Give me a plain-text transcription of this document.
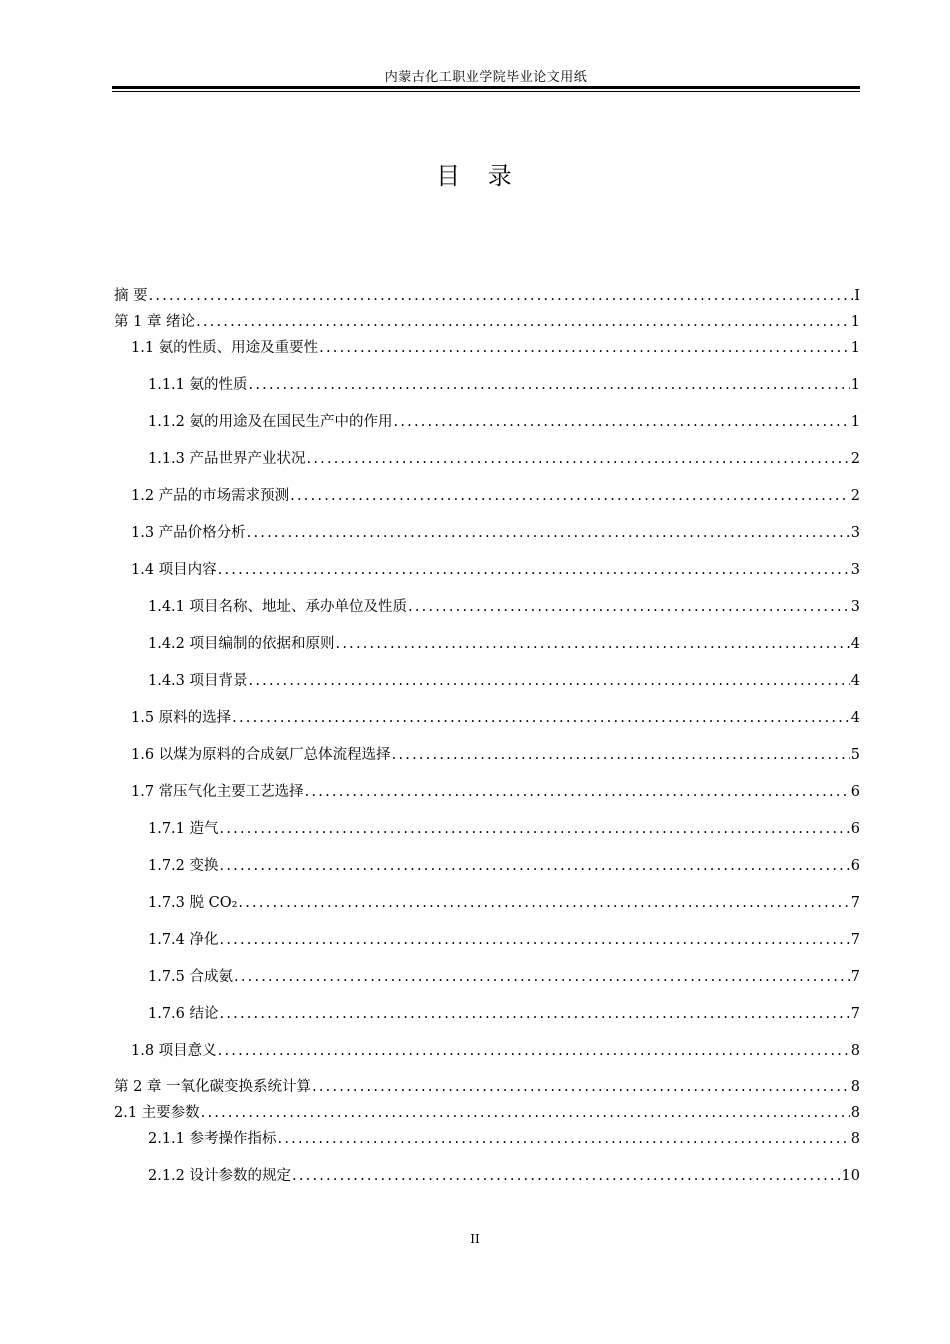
内蒙古化工职业学院毕业论文用纸
目 录
摘 要 .....	I
第 1 章 绪论 .....	1
1.1 氨的性质、用途及重要性 .....	1
1.1.1 氨的性质 .....	1
1.1.2 氨的用途及在国民生产中的作用 .....	1
1.1.3 产品世界产业状况 .....	2
1.2 产品的市场需求预测 .....	2
1.3 产品价格分析 .....	3
1.4 项目内容 .....	3
1.4.1 项目名称、地址、承办单位及性质 .....	3
1.4.2 项目编制的依据和原则 .....	4
1.4.3 项目背景 .....	4
1.5 原料的选择 .....	4
1.6 以煤为原料的合成氨厂总体流程选择 .....	5
1.7 常压气化主要工艺选择 .....	6
1.7.1 造气 .....	6
1.7.2 变换 .....	6
1.7.3 脱 CO₂ .....	7
1.7.4 净化 .....	7
1.7.5 合成氨 .....	7
1.7.6 结论 .....	7
1.8 项目意义 .....	8
第 2 章 一氧化碳变换系统计算 .....	8
2.1 主要参数 .....	8
2.1.1 参考操作指标 .....	8
2.1.2 设计参数的规定 .....	10
II
